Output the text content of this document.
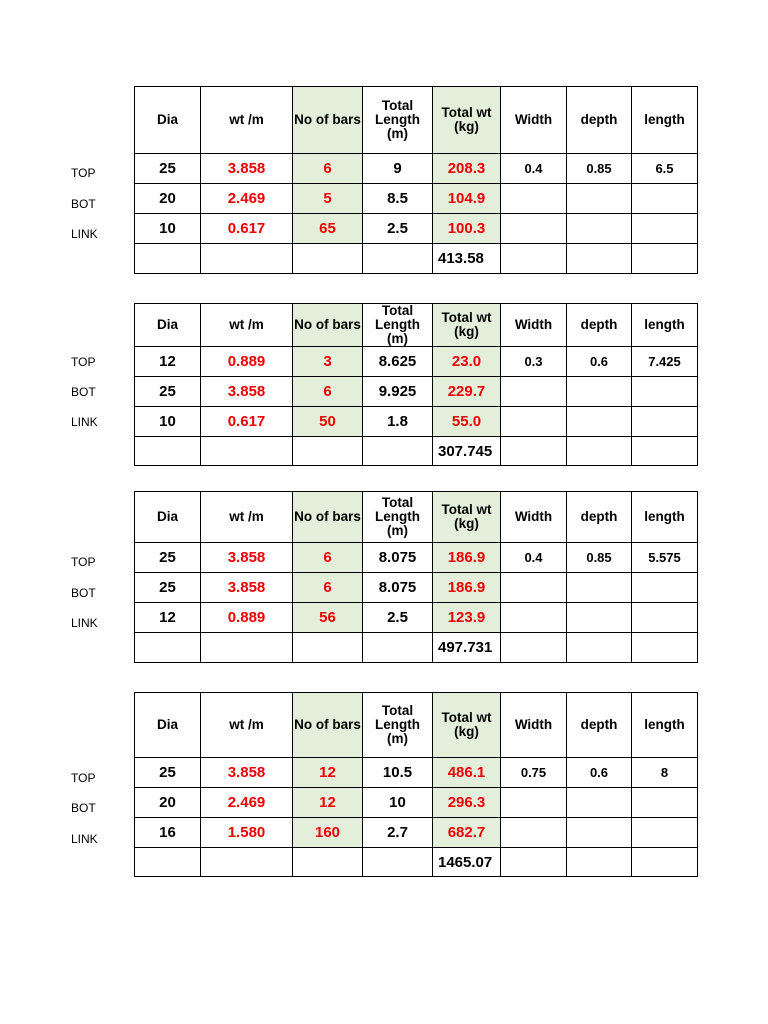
TOP
BOT
LINK
Dia	wt /m	No of bars	Total Length (m)	Total wt (kg)	Width	depth	length
25	3.858	6	9	208.3	0.4	0.85	6.5
20	2.469	5	8.5	104.9			
10	0.617	65	2.5	100.3			
				413.58			
TOP
BOT
LINK
Dia	wt /m	No of bars	Total Length (m)	Total wt (kg)	Width	depth	length
12	0.889	3	8.625	23.0	0.3	0.6	7.425
25	3.858	6	9.925	229.7			
10	0.617	50	1.8	55.0			
				307.745			
TOP
BOT
LINK
Dia	wt /m	No of bars	Total Length (m)	Total wt (kg)	Width	depth	length
25	3.858	6	8.075	186.9	0.4	0.85	5.575
25	3.858	6	8.075	186.9			
12	0.889	56	2.5	123.9			
				497.731			
TOP
BOT
LINK
Dia	wt /m	No of bars	Total Length (m)	Total wt (kg)	Width	depth	length
25	3.858	12	10.5	486.1	0.75	0.6	8
20	2.469	12	10	296.3			
16	1.580	160	2.7	682.7			
				1465.07			
